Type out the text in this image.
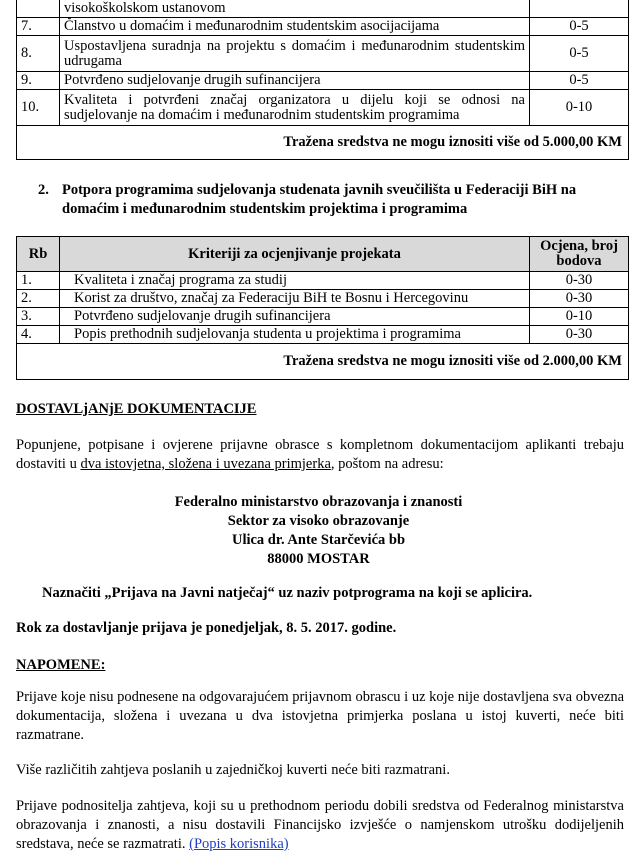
	visokoškolskom ustanovom	
7.	Članstvo u domaćim i međunarodnim studentskim asocijacijama	0-5
8.	Uspostavljena suradnja na projektu s domaćim i međunarodnim studentskim udrugama	0-5
9.	Potvrđeno sudjelovanje drugih sufinancijera	0-5
10.	Kvaliteta i potvrđeni značaj organizatora u dijelu koji se odnosi na sudjelovanje na domaćim i međunarodnim studentskim programima	0-10
Tražena sredstva ne mogu iznositi više od 5.000,00 KM		
2. Potpora programima sudjelovanja studenata javnih sveučilišta u Federaciji BiH na domaćim i međunarodnim studentskim projektima i programima
Rb	Kriteriji za ocjenjivanje projekata	Ocjena, broj bodova
1.	Kvaliteta i značaj programa za studij	0-30
2.	Korist za društvo, značaj za Federaciju BiH te Bosnu i Hercegovinu	0-30
3.	Potvrđeno sudjelovanje drugih sufinancijera	0-10
4.	Popis prethodnih sudjelovanja studenta u projektima i programima	0-30
Tražena sredstva ne mogu iznositi više od 2.000,00 KM		
DOSTAVLjANjE DOKUMENTACIJE
Popunjene, potpisane i ovjerene prijavne obrasce s kompletnom dokumentacijom aplikanti trebaju dostaviti u dva istovjetna, složena i uvezana primjerka, poštom na adresu:
Federalno ministarstvo obrazovanja i znanosti
Sektor za visoko obrazovanje
Ulica dr. Ante Starčevića bb
88000 MOSTAR
Naznačiti „Prijava na Javni natječaj“ uz naziv potprograma na koji se aplicira.
Rok za dostavljanje prijava je ponedjeljak, 8. 5. 2017. godine.
NAPOMENE:
Prijave koje nisu podnesene na odgovarajućem prijavnom obrascu i uz koje nije dostavljena sva obvezna dokumentacija, složena i uvezana u dva istovjetna primjerka poslana u istoj kuverti, neće biti razmatrane.
Više različitih zahtjeva poslanih u zajedničkoj kuverti neće biti razmatrani.
Prijave podnositelja zahtjeva, koji su u prethodnom periodu dobili sredstva od Federalnog ministarstva obrazovanja i znanosti, a nisu dostavili Financijsko izvješće o namjenskom utrošku dodijeljenih sredstava, neće se razmatrati. (Popis korisnika)
